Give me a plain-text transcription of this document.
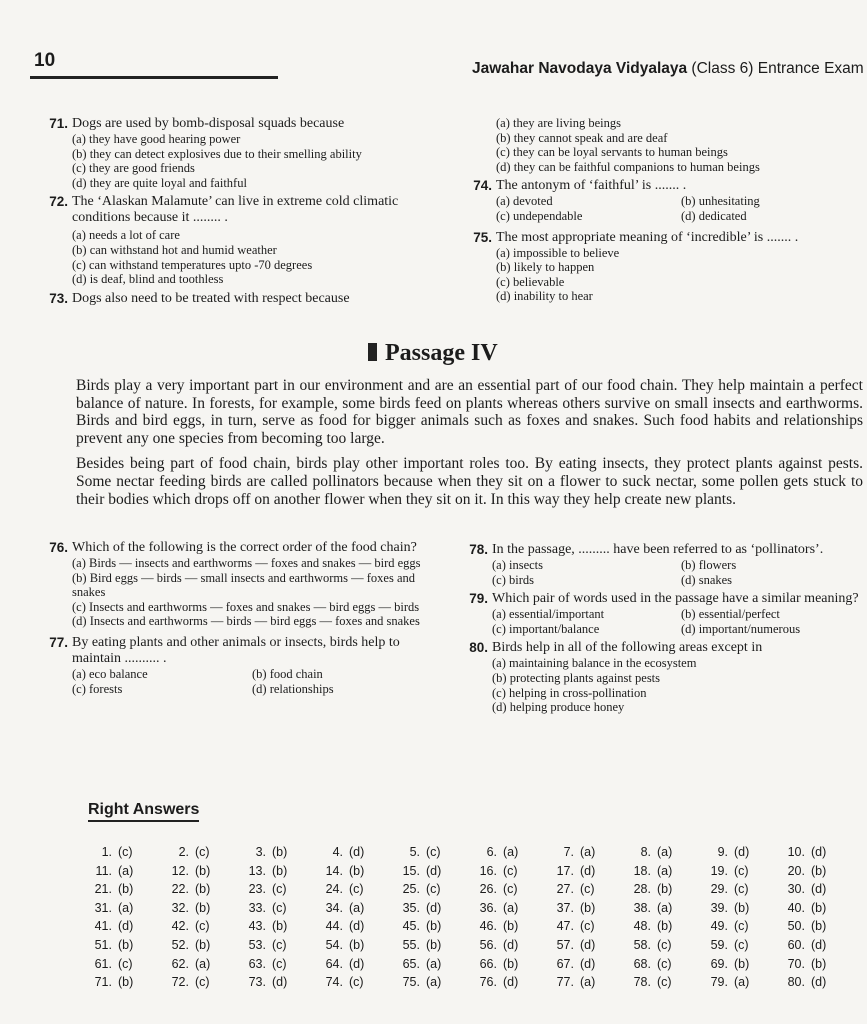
10	Jawahar Navodaya Vidyalaya (Class 6) Entrance Exam
71. Dogs are used by bomb-disposal squads because
(a) they have good hearing power
(b) they can detect explosives due to their smelling ability
(c) they are good friends
(d) they are quite loyal and faithful
72. The ‘Alaskan Malamute’ can live in extreme cold climatic conditions because it ........ .
(a) needs a lot of care
(b) can withstand hot and humid weather
(c) can withstand temperatures upto -70 degrees
(d) is deaf, blind and toothless
73. Dogs also need to be treated with respect because
(a) they are living beings
(b) they cannot speak and are deaf
(c) they can be loyal servants to human beings
(d) they can be faithful companions to human beings
74. The antonym of ‘faithful’ is ....... .
(a) devoted	(b) unhesitating
(c) undependable	(d) dedicated
75. The most appropriate meaning of ‘incredible’ is ....... .
(a) impossible to believe
(b) likely to happen
(c) believable
(d) inability to hear
Passage IV

Birds play a very important part in our environment and are an essential part of our food chain. They help maintain a perfect balance of nature. In forests, for example, some birds feed on plants whereas others survive on small insects and earthworms. Birds and bird eggs, in turn, serve as food for bigger animals such as foxes and snakes. Such food habits and relationships prevent any one species from becoming too large.

Besides being part of food chain, birds play other important roles too. By eating insects, they protect plants against pests. Some nectar feeding birds are called pollinators because when they sit on a flower to suck nectar, some pollen gets stuck to their bodies which drops off on another flower when they sit on it. In this way they help create new plants.

76. Which of the following is the correct order of the food chain?
(a) Birds — insects and earthworms — foxes and snakes — bird eggs
(b) Bird eggs — birds — small insects and earthworms — foxes and snakes
(c) Insects and earthworms — foxes and snakes — bird eggs — birds
(d) Insects and earthworms — birds — bird eggs — foxes and snakes
77. By eating plants and other animals or insects, birds help to maintain .......... .
(a) eco balance	(b) food chain
(c) forests	(d) relationships
78. In the passage, ......... have been referred to as ‘pollinators’.
(a) insects	(b) flowers
(c) birds	(d) snakes
79. Which pair of words used in the passage have a similar meaning?
(a) essential/important	(b) essential/perfect
(c) important/balance	(d) important/numerous
80. Birds help in all of the following areas except in
(a) maintaining balance in the ecosystem
(b) protecting plants against pests
(c) helping in cross-pollination
(d) helping produce honey
Right Answers
1. (c)	2. (c)	3. (b)	4. (d)	5. (c)	6. (a)	7. (a)	8. (a)	9. (d)	10. (d)
11. (a)	12. (b)	13. (b)	14. (b)	15. (d)	16. (c)	17. (d)	18. (a)	19. (c)	20. (b)
21. (b)	22. (b)	23. (c)	24. (c)	25. (c)	26. (c)	27. (c)	28. (b)	29. (c)	30. (d)
31. (a)	32. (b)	33. (c)	34. (a)	35. (d)	36. (a)	37. (b)	38. (a)	39. (b)	40. (b)
41. (d)	42. (c)	43. (b)	44. (d)	45. (b)	46. (b)	47. (c)	48. (b)	49. (c)	50. (b)
51. (b)	52. (b)	53. (c)	54. (b)	55. (b)	56. (d)	57. (d)	58. (c)	59. (c)	60. (d)
61. (c)	62. (a)	63. (c)	64. (d)	65. (a)	66. (b)	67. (d)	68. (c)	69. (b)	70. (b)
71. (b)	72. (c)	73. (d)	74. (c)	75. (a)	76. (d)	77. (a)	78. (c)	79. (a)	80. (d)
